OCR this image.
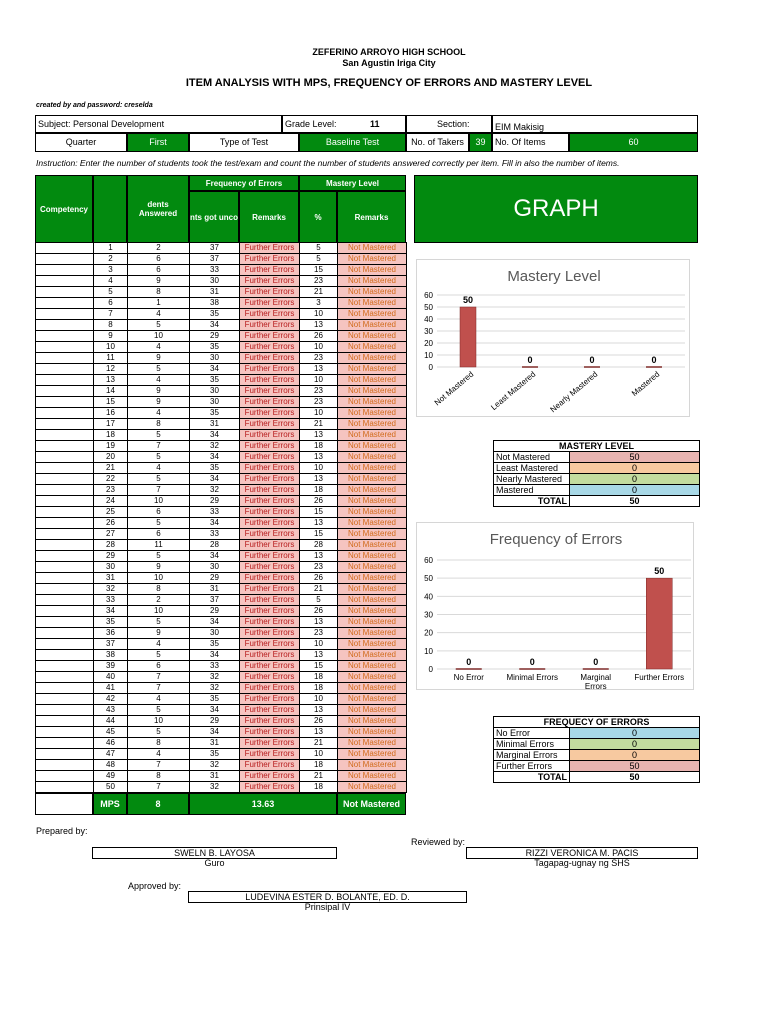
ZEFERINO ARROYO HIGH SCHOOL
San Agustin Iriga City
ITEM ANALYSIS WITH MPS, FREQUENCY OF ERRORS AND MASTERY LEVEL
created by and password: creselda
Subject: Personal Development	Grade Level:	11	Section:	EIM Makisig
Quarter	First	Type of Test	Baseline Test	No. of Takers	39	No. Of Items	60
Instruction: Enter the number of students took the test/exam and count the number of students answered correctly per item. Fill in also the number of items.
Competency	dents Answered
Frequency of Errors	Mastery Level
nts got unco	Remarks	%	Remarks
	1	2	37	Further Errors	5	Not Mastered
	2	6	37	Further Errors	5	Not Mastered
	3	6	33	Further Errors	15	Not Mastered
	4	9	30	Further Errors	23	Not Mastered
	5	8	31	Further Errors	21	Not Mastered
	6	1	38	Further Errors	3	Not Mastered
	7	4	35	Further Errors	10	Not Mastered
	8	5	34	Further Errors	13	Not Mastered
	9	10	29	Further Errors	26	Not Mastered
	10	4	35	Further Errors	10	Not Mastered
	11	9	30	Further Errors	23	Not Mastered
	12	5	34	Further Errors	13	Not Mastered
	13	4	35	Further Errors	10	Not Mastered
	14	9	30	Further Errors	23	Not Mastered
	15	9	30	Further Errors	23	Not Mastered
	16	4	35	Further Errors	10	Not Mastered
	17	8	31	Further Errors	21	Not Mastered
	18	5	34	Further Errors	13	Not Mastered
	19	7	32	Further Errors	18	Not Mastered
	20	5	34	Further Errors	13	Not Mastered
	21	4	35	Further Errors	10	Not Mastered
	22	5	34	Further Errors	13	Not Mastered
	23	7	32	Further Errors	18	Not Mastered
	24	10	29	Further Errors	26	Not Mastered
	25	6	33	Further Errors	15	Not Mastered
	26	5	34	Further Errors	13	Not Mastered
	27	6	33	Further Errors	15	Not Mastered
	28	11	28	Further Errors	28	Not Mastered
	29	5	34	Further Errors	13	Not Mastered
	30	9	30	Further Errors	23	Not Mastered
	31	10	29	Further Errors	26	Not Mastered
	32	8	31	Further Errors	21	Not Mastered
	33	2	37	Further Errors	5	Not Mastered
	34	10	29	Further Errors	26	Not Mastered
	35	5	34	Further Errors	13	Not Mastered
	36	9	30	Further Errors	23	Not Mastered
	37	4	35	Further Errors	10	Not Mastered
	38	5	34	Further Errors	13	Not Mastered
	39	6	33	Further Errors	15	Not Mastered
	40	7	32	Further Errors	18	Not Mastered
	41	7	32	Further Errors	18	Not Mastered
	42	4	35	Further Errors	10	Not Mastered
	43	5	34	Further Errors	13	Not Mastered
	44	10	29	Further Errors	26	Not Mastered
	45	5	34	Further Errors	13	Not Mastered
	46	8	31	Further Errors	21	Not Mastered
	47	4	35	Further Errors	10	Not Mastered
	48	7	32	Further Errors	18	Not Mastered
	49	8	31	Further Errors	21	Not Mastered
	50	7	32	Further Errors	18	Not Mastered
MPS	8	13.63	Not Mastered
GRAPH
Mastery Level
0
10
20
30
40
50
60	50
Not Mastered
0
Least Mastered
0
Nearly Mastered
0
Mastered
MASTERY LEVEL	
Not Mastered	50
Least Mastered	0
Nearly Mastered	0
Mastered	0
TOTAL	50
Frequency of Errors
0
10
20
30
40
50
60
0
No Error
0
Minimal Errors
0
Marginal
Errors
50
Further Errors
FREQUECY OF ERRORS	
No Error	0
Minimal Errors	0
Marginal Errors	0
Further Errors	50
TOTAL	50
Prepared by:
SWELN B. LAYOSA
Guro
Reviewed by:
RIZZI VERONICA M. PACIS
Tagapag-ugnay ng SHS
Approved by:
LUDEVINA ESTER D. BOLANTE, ED. D.
Prinsipal IV
